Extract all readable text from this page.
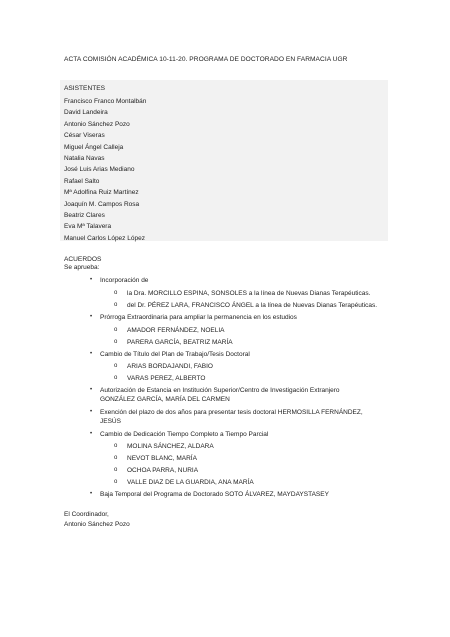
ACTA COMISIÓN ACADÉMICA 10-11-20. PROGRAMA DE DOCTORADO EN FARMACIA UGR
ASISTENTES
Francisco Franco Montalbán
David Landeira
Antonio Sánchez Pozo
César Viseras
Miguel Ángel Calleja
Natalia Navas
José Luis Arias Mediano
Rafael Salto
Mª Adolfina Ruiz Martínez
Joaquín M. Campos Rosa
Beatriz Clares
Eva Mª Talavera
Manuel Carlos López López
ACUERDOS
Se aprueba:
• Incorporación de
o la Dra. MORCILLO ESPINA, SONSOLES a la línea de Nuevas Dianas Terapéuticas.
o del Dr. PÉREZ LARA, FRANCISCO ÁNGEL a la línea de Nuevas Dianas Terapéuticas.
• Prórroga Extraordinaria para ampliar la permanencia en los estudios
o AMADOR FERNÁNDEZ, NOELIA
o PARERA GARCÍA, BEATRIZ MARÍA
• Cambio de Título del Plan de Trabajo/Tesis Doctoral
o ARIAS BORDAJANDI, FABIO
o VARAS PEREZ, ALBERTO
• Autorización de Estancia en Institución Superior/Centro de Investigación Extranjero
GONZÁLEZ GARCÍA, MARÍA DEL CARMEN
• Exención del plazo de dos años para presentar tesis doctoral HERMOSILLA FERNÁNDEZ,
JESÚS
• Cambio de Dedicación Tiempo Completo a Tiempo Parcial
o MOLINA SÁNCHEZ, ALDARA
o NEVOT BLANC, MARÍA
o OCHOA PARRA, NURIA
o VALLE DIAZ DE LA GUARDIA, ANA MARÍA
• Baja Temporal del Programa de Doctorado SOTO ÁLVAREZ, MAYDAYSTASEY
El Coordinador,
Antonio Sánchez Pozo
